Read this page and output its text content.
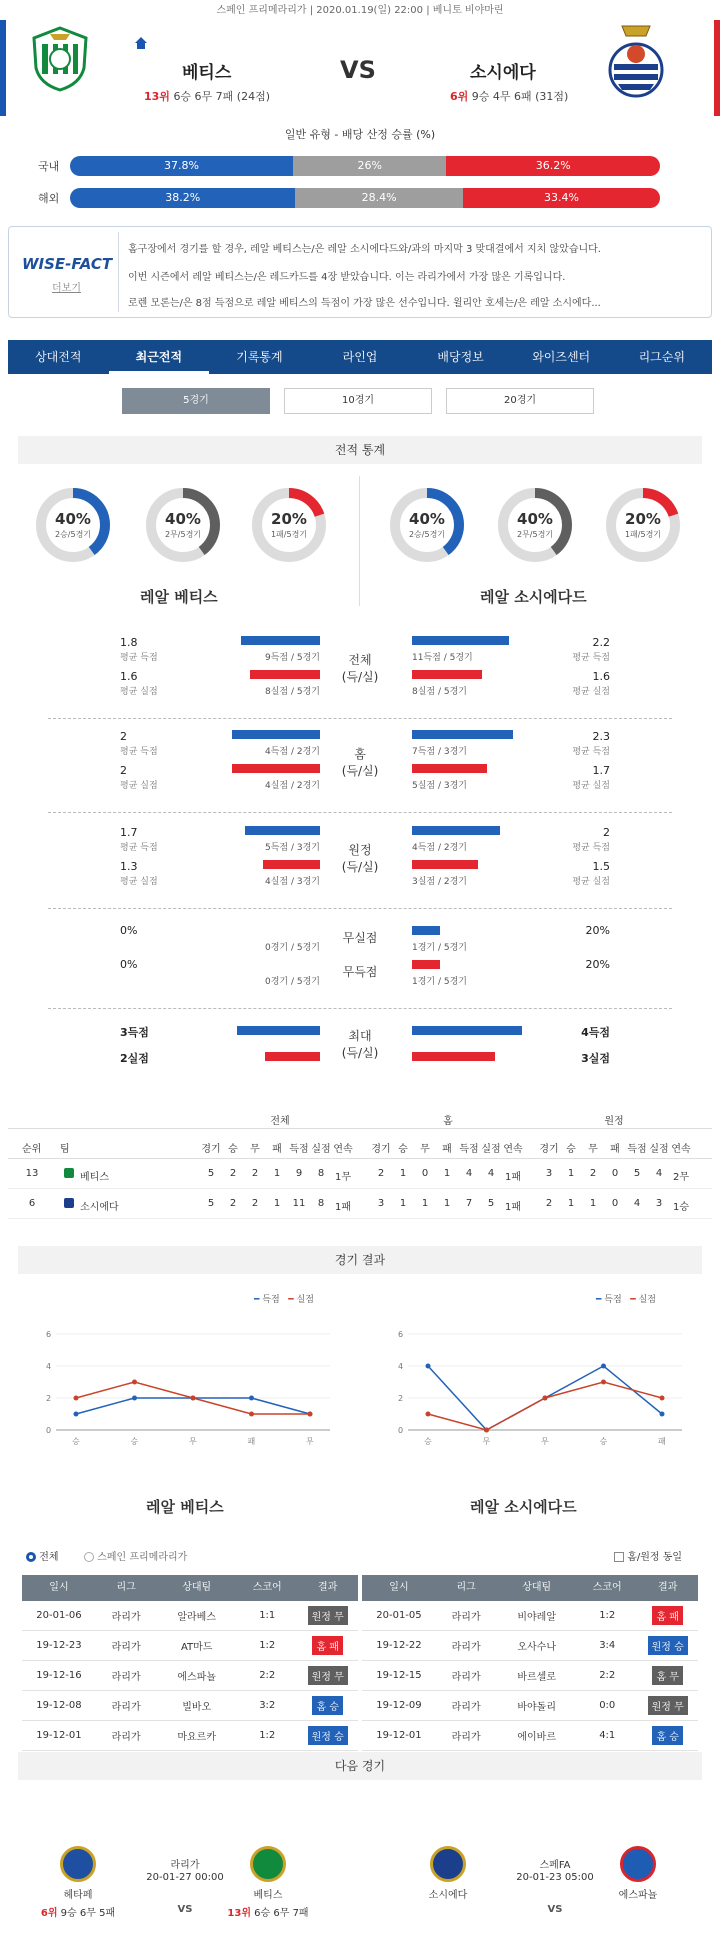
스페인 프리메라리가 | 2020.01.19(일) 22:00 | 베니토 비야마린
베티스	VS	소시에다
13위 6승 6무 7패 (24점)	6위 9승 4무 6패 (31점)
일반 유형 - 배당 산정 승률 (%)
국내	37.8%	26%	36.2%
해외	38.2%	28.4%	33.4%
WISE-FACT
더보기
홈구장에서 경기를 할 경우, 레알 베티스는/은 레알 소시에다드와/과의 마지막 3 맞대결에서 지치 않았습니다.
이번 시즌에서 레알 베티스는/은 레드카드를 4장 받았습니다. 이는 라리가에서 가장 많은 기록입니다.
로렌 모론는/은 8점 득점으로 레알 베티스의 득점이 가장 많은 선수입니다. 윌리안 호세는/은 레알 소시에다...
상대전적	최근전적	기록통계	라인업	배당정보	와이즈센터	리그순위
5경기	10경기	20경기
전적 통계
40%
2승/5경기
40%
2무/5경기
20%
1패/5경기
40%
2승/5경기
40%
2무/5경기
20%
1패/5경기
레알 베티스	레알 소시에다드
1.8
평균 득점	9득점 / 5경기
1.6
평균 실점	8실점 / 5경기
2.2
평균 득점
11득점 / 5경기
1.6
평균 실점
8실점 / 5경기
전체
(득/실)
2
평균 득점	4득점 / 2경기
2
평균 실점	4실점 / 2경기
2.3
평균 득점
7득점 / 3경기
1.7
평균 실점
5실점 / 3경기
홈
(득/실)
1.7
평균 득점	5득점 / 3경기
1.3
평균 실점	4실점 / 3경기
2
평균 득점
4득점 / 2경기
1.5
평균 실점
3실점 / 2경기
원정
(득/실)
0%
0경기 / 5경기
0%
0경기 / 5경기
20%
1경기 / 5경기
20%
1경기 / 5경기
무실점
무득점
3득점
2실점
4득점
3실점
최대
(득/실)
전체	홈	원정
순위 팀	경기 승	무	패 득점 실점 연속	경기 승	무	패 득점 실점 연속	경기 승	무	패 득점 실점 연속
13	베티스	5	2	2	1	9	8	1무	2	1	0	1	4	4	1패	3	1	2	0	5	4	2무
6	소시에다	5	2	2	1	11	8	1패	3	1	1	1	7	5	1패	2	1	1	0	4	3	1승
경기 결과
━ 득점 ━ 실점	━ 득점 ━ 실점
0
2
4
6
승	승	무	패	무
0
2
4
6
승	무	무	승	패
레알 베티스	레알 소시에다드
전체	스페인 프리메라리가	홈/원정 동일
일시	리그	상대팀	스코어	결과
20-01-06	라리가	알라베스	1:1	원정 무
19-12-23	라리가	AT마드	1:2	홈 패
19-12-16	라리가	에스파뇰	2:2	원정 무
19-12-08	라리가	빌바오	3:2	홈 승
19-12-01	라리가	마요르카	1:2	원정 승
일시	리그	상대팀	스코어	결과
20-01-05	라리가	비야레알	1:2	홈 패
19-12-22	라리가	오사수나	3:4	원정 승
19-12-15	라리가	바르셀로	2:2	홈 무
19-12-09	라리가	바야돌리	0:0	원정 무
19-12-01	라리가	에이바르	4:1	홈 승
다음 경기
헤타페
6위 9승 6무 5패
라리가
20-01-27 00:00
VS
베티스
13위 6승 6무 7패
소시에다
스페FA
20-01-23 05:00
VS
에스파뇰
